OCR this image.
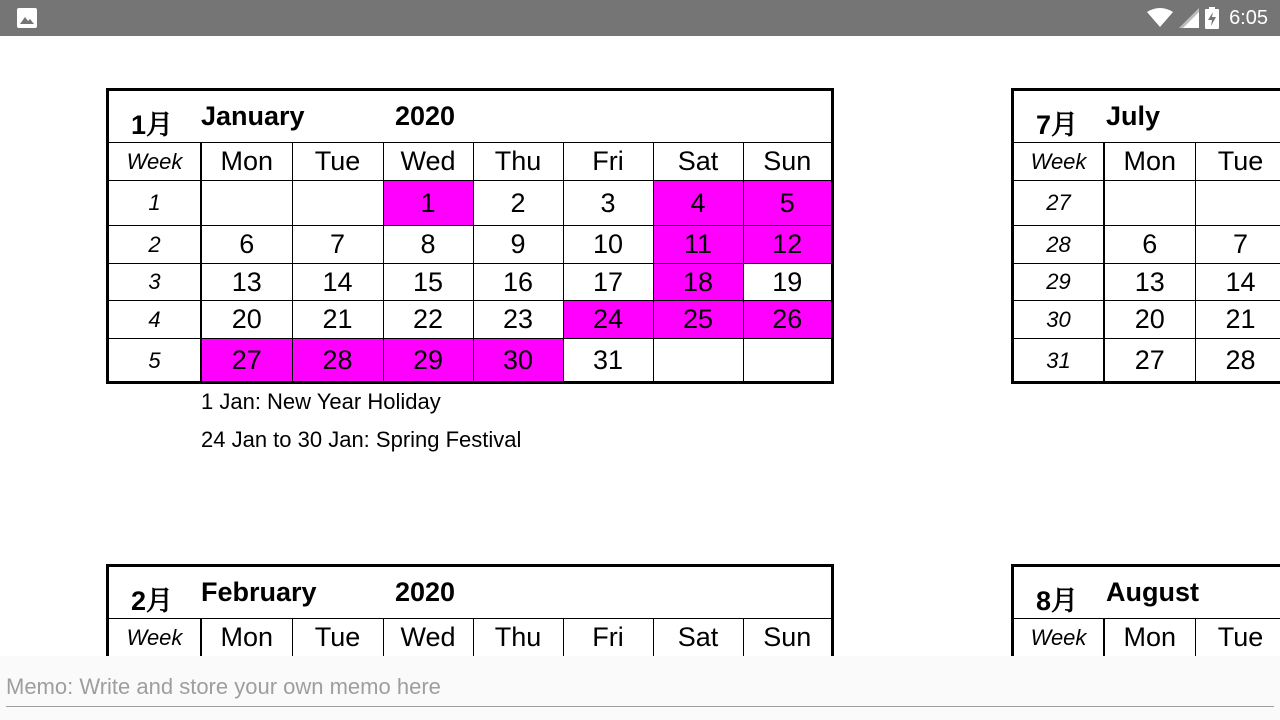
6:05
1月 January	2020
Week	Mon	Tue	Wed	Thu	Fri	Sat	Sun
1			1	2	3	4	5
2	6	7	8	9	10	11	12
3	13	14	15	16	17	18	19
4	20	21	22	23	24	25	26
5	27	28	29	30	31		
1 Jan: New Year Holiday
24 Jan to 30 Jan: Spring Festival
7月 July
Week	Mon	Tue	
27			
28	6	7	
29	13	14	
30	20	21	
31	27	28	
2月 February	2020
Week	Mon	Tue	Wed	Thu	Fri	Sat	Sun

8月 August
Week	Mon	Tue	
Memo: Write and store your own memo here
